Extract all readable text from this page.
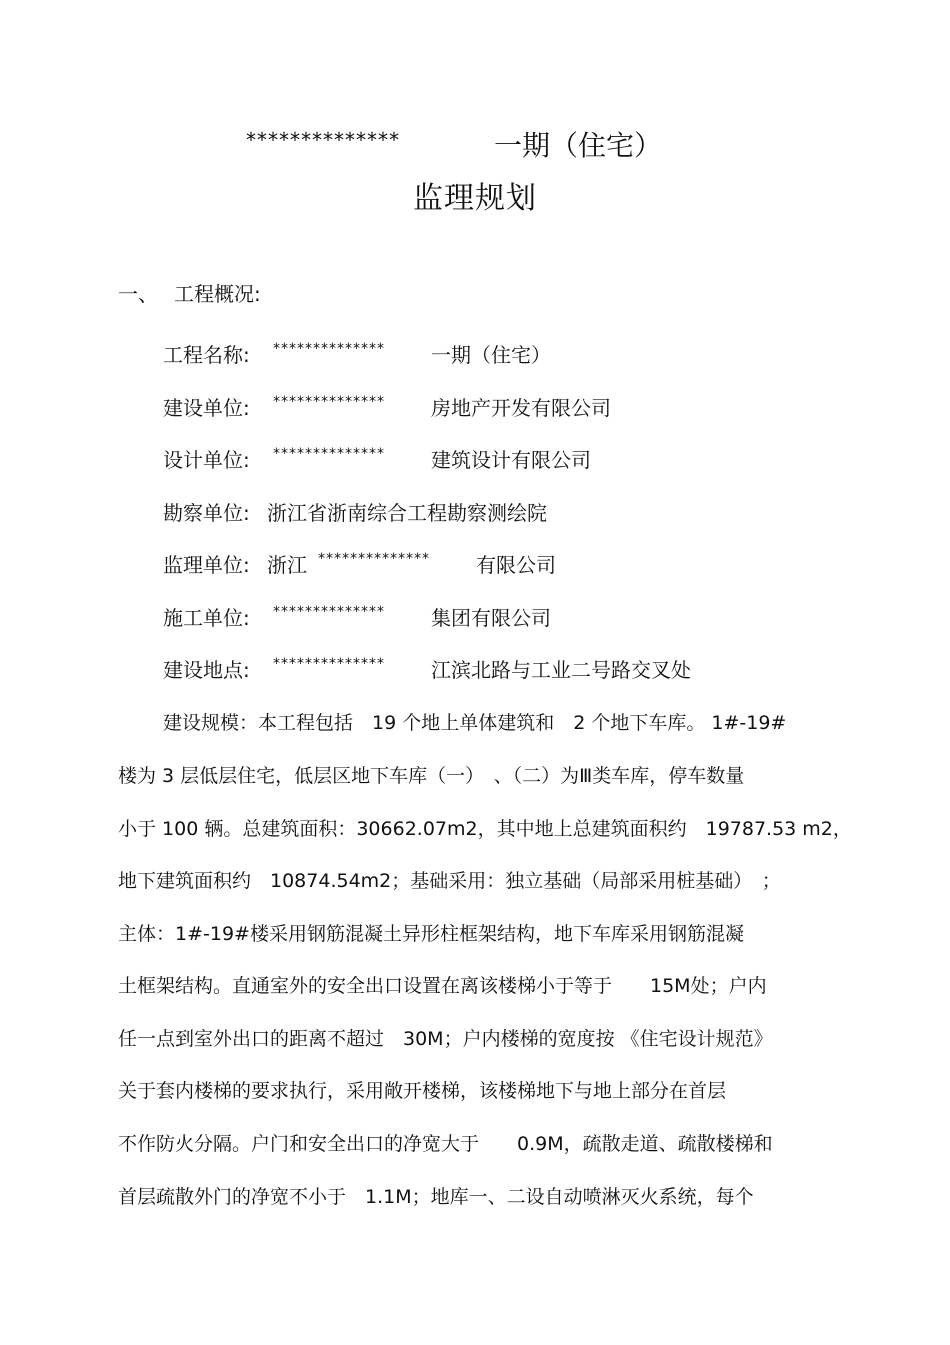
**************	一期（住宅）
监理规划
一、 工程概况:
工程名称: ************** 一期（住宅）
建设单位: ************** 房地产开发有限公司
设计单位: ************** 建筑设计有限公司
勘察单位: 浙江省浙南综合工程勘察测绘院
监理单位: 浙江 ************** 有限公司
施工单位: ************** 集团有限公司
建设地点: ************** 江滨北路与工业二号路交叉处
建设规模：本工程包括　19 个地上单体建筑和　2 个地下车库。 1#-19#
楼为 3 层低层住宅，低层区地下车库（一）　、（二）为Ⅲ类车库，停车数量
小于 100 辆。总建筑面积：30662.07m2，其中地上总建筑面积约　19787.53 m2，
地下建筑面积约　10874.54m2；基础采用：独立基础（局部采用桩基础）　；
主体：1#-19#楼采用钢筋混凝土异形柱框架结构，地下车库采用钢筋混凝
土框架结构。直通室外的安全出口设置在离该楼梯小于等于　　15M处；户内
任一点到室外出口的距离不超过　30M；户内楼梯的宽度按 《住宅设计规范》
关于套内楼梯的要求执行，采用敞开楼梯，该楼梯地下与地上部分在首层
不作防火分隔。户门和安全出口的净宽大于　　0.9M，疏散走道、疏散楼梯和
首层疏散外门的净宽不小于　1.1M；地库一、二设自动喷淋灭火系统，每个
